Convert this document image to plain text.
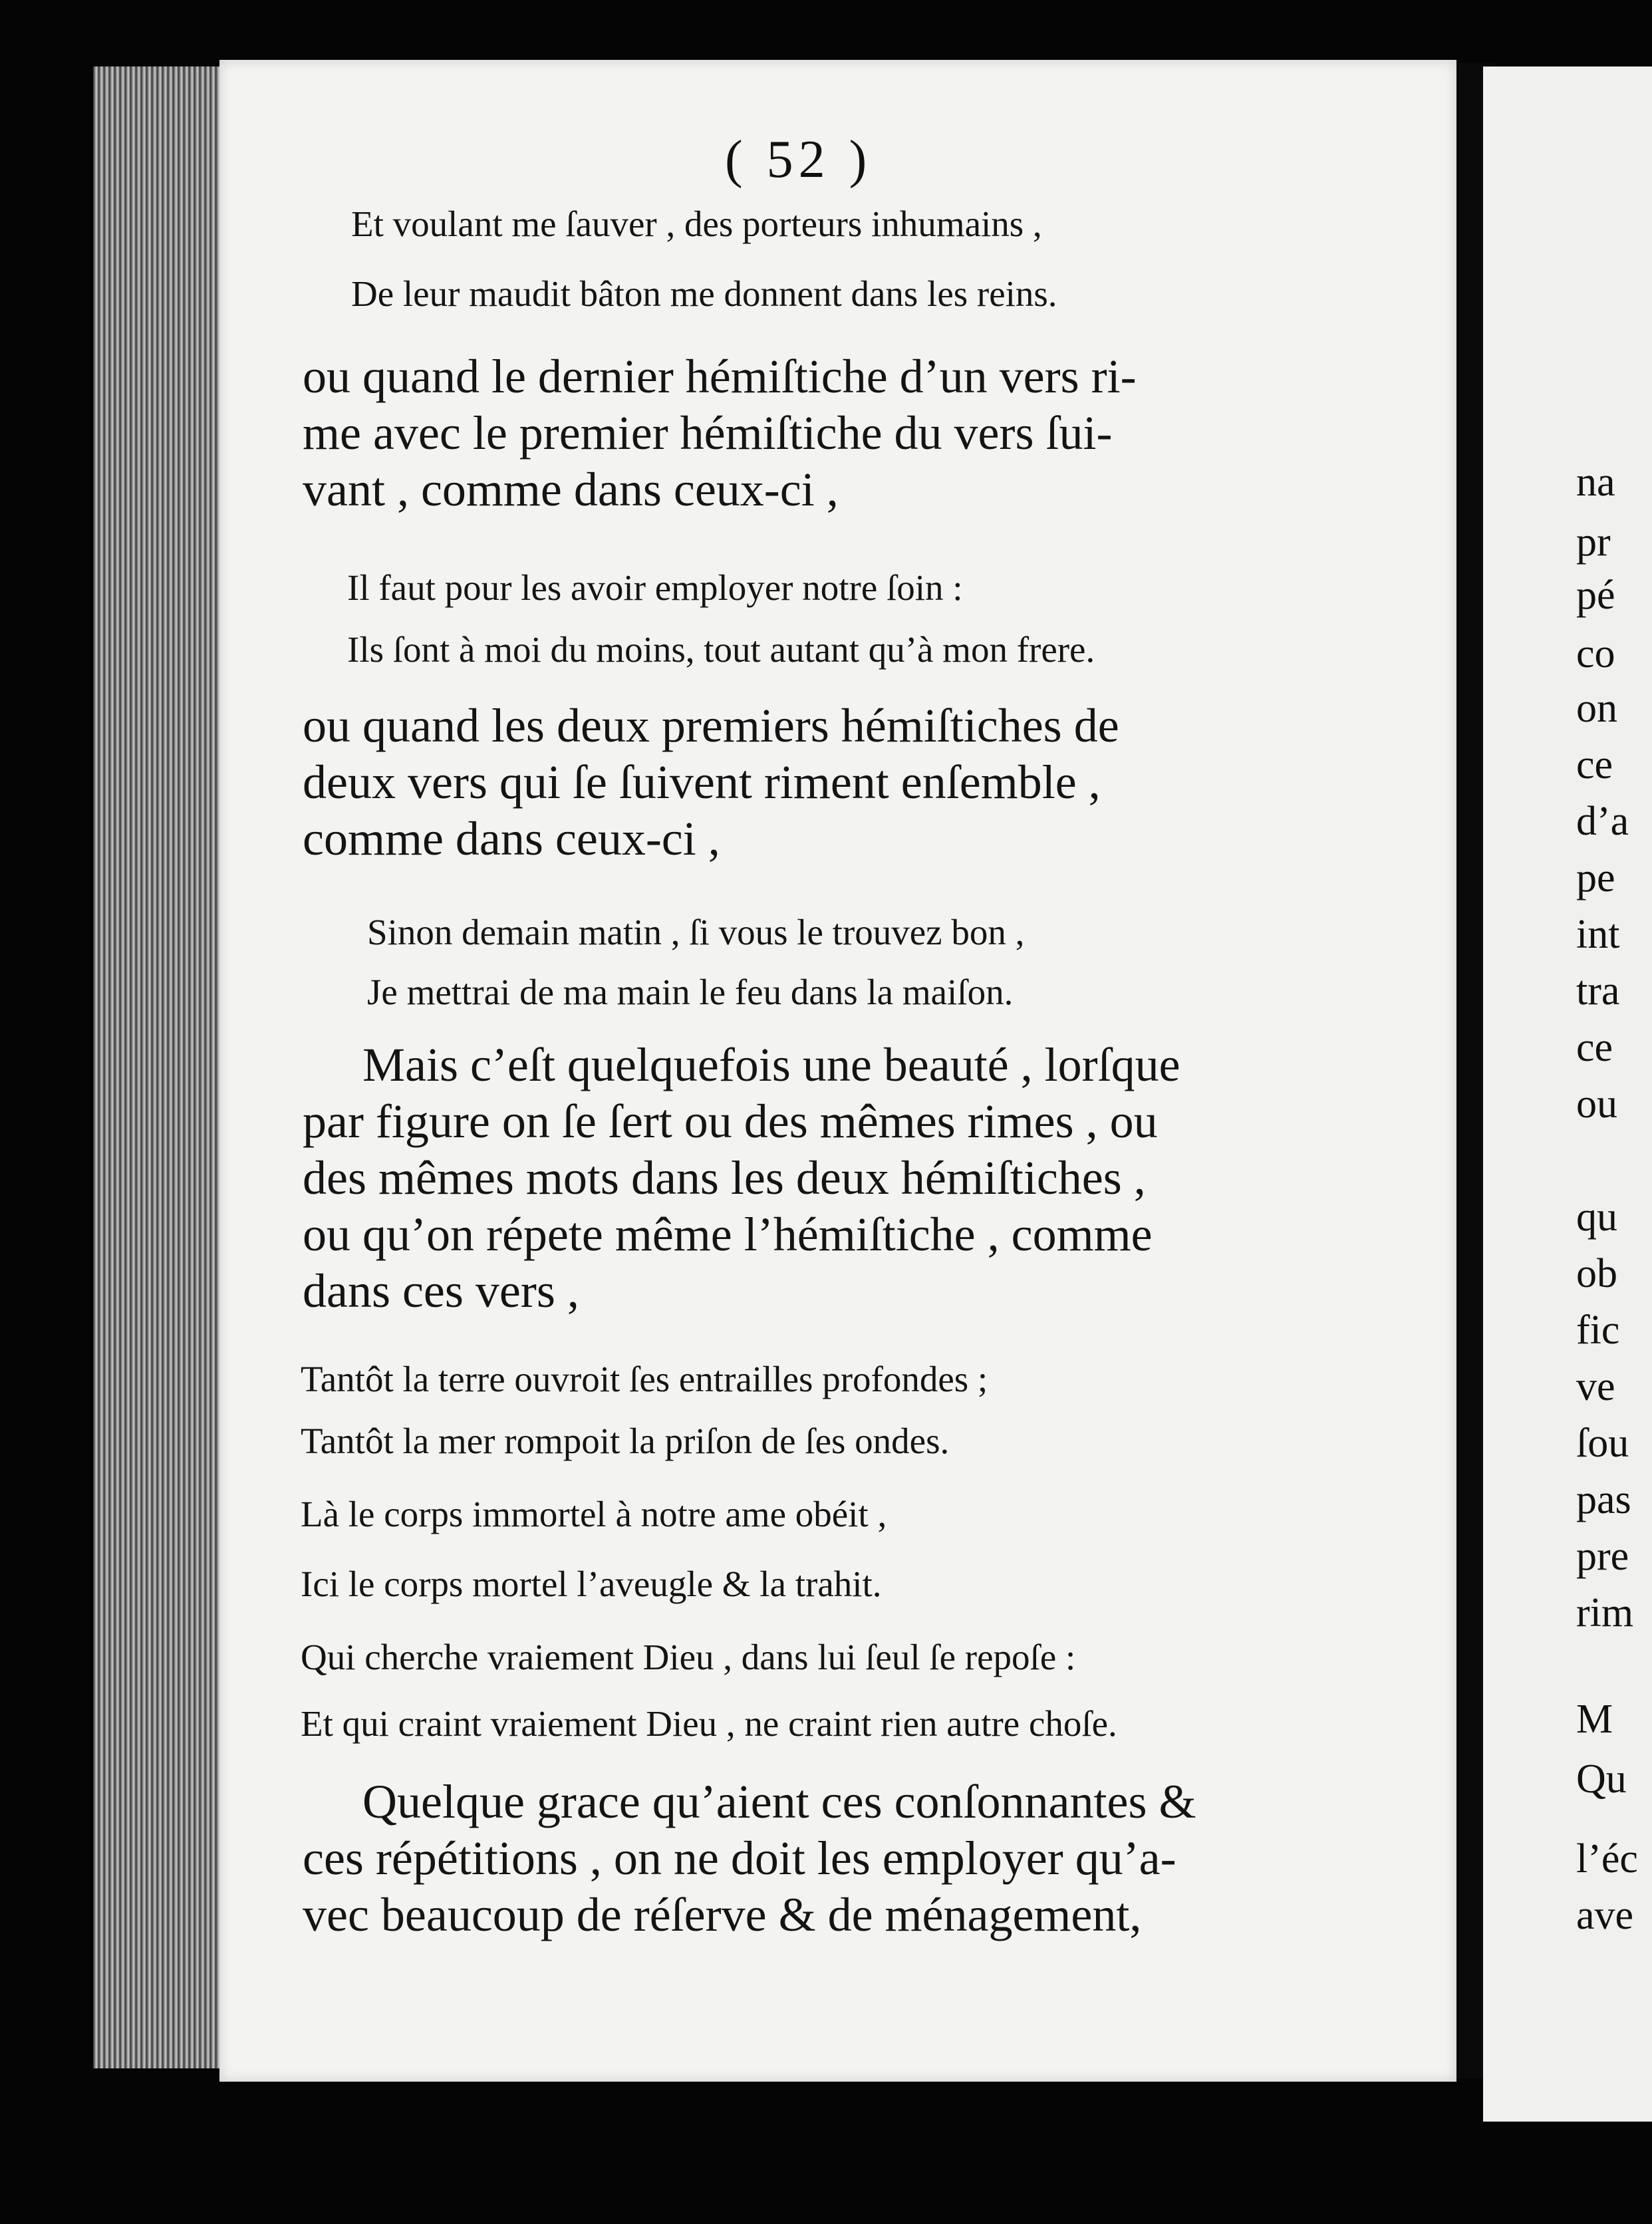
na
pr
pé
co
on
ce
d’a
pe
int
tra
ce
ou
qu
ob
fic
ve
ſou
pas
pre
rim
M
Qu
l’éc
ave
( 52 )
Et voulant me ſauver , des porteurs inhumains ,
De leur maudit bâton me donnent dans les reins.
ou quand le dernier hémiſtiche d’un vers ri-
me avec le premier hémiſtiche du vers ſui-
vant , comme dans ceux-ci ,
Il faut pour les avoir employer notre ſoin :
Ils ſont à moi du moins, tout autant qu’à mon frere.
ou quand les deux premiers hémiſtiches de
deux vers qui ſe ſuivent riment enſemble ,
comme dans ceux-ci ,
Sinon demain matin , ſi vous le trouvez bon ,
Je mettrai de ma main le feu dans la maiſon.
Mais c’eſt quelquefois une beauté , lorſque
par figure on ſe ſert ou des mêmes rimes , ou
des mêmes mots dans les deux hémiſtiches ,
ou qu’on répete même l’hémiſtiche , comme
dans ces vers ,
Tantôt la terre ouvroit ſes entrailles profondes ;
Tantôt la mer rompoit la priſon de ſes ondes.
Là le corps immortel à notre ame obéit ,
Ici le corps mortel l’aveugle & la trahit.
Qui cherche vraiement Dieu , dans lui ſeul ſe repoſe :
Et qui craint vraiement Dieu , ne craint rien autre choſe.
Quelque grace qu’aient ces conſonnantes &
ces répétitions , on ne doit les employer qu’a-
vec beaucoup de réſerve & de ménagement,
